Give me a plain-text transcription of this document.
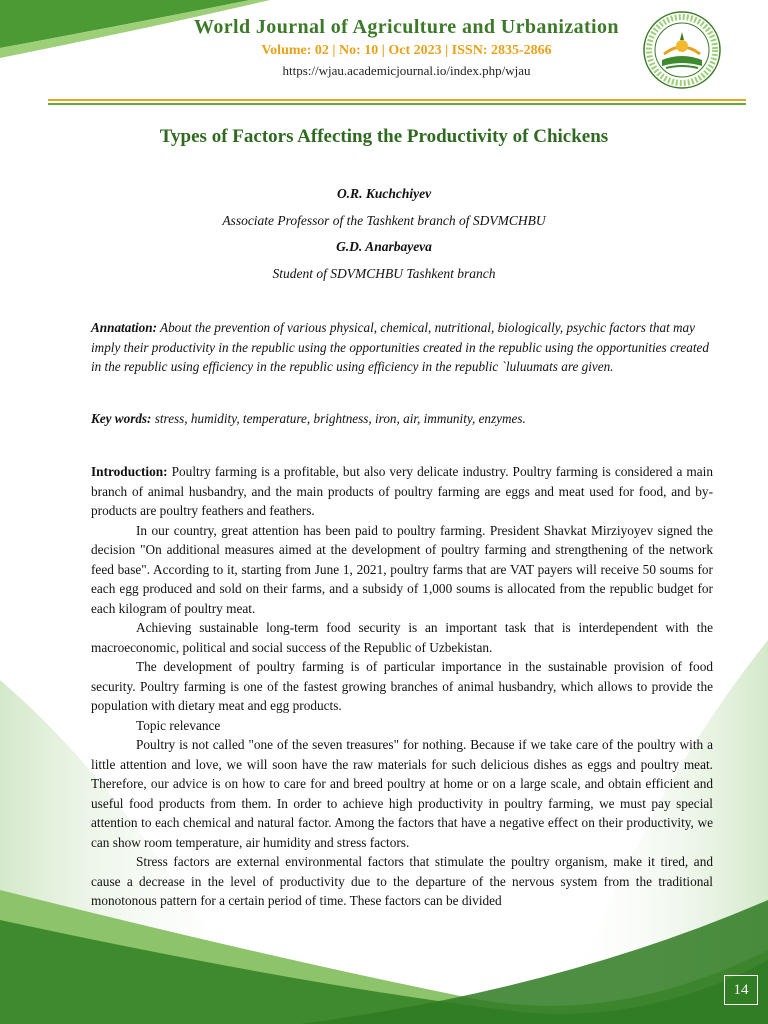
World Journal of Agriculture and Urbanization
Volume: 02 | No: 10 | Oct 2023 | ISSN: 2835-2866
https://wjau.academicjournal.io/index.php/wjau
Types of Factors Affecting the Productivity of Chickens
O.R. Kuchchiyev
Associate Professor of the Tashkent branch of SDVMCHBU
G.D. Anarbayeva
Student of SDVMCHBU Tashkent branch
Annatation: About the prevention of various physical, chemical, nutritional, biologically, psychic factors that may imply their productivity in the republic using the opportunities created in the republic using the opportunities created in the republic using efficiency in the republic using efficiency in the republic `luluumats are given.
Key words: stress, humidity, temperature, brightness, iron, air, immunity, enzymes.

Introduction: Poultry farming is a profitable, but also very delicate industry. Poultry farming is considered a main branch of animal husbandry, and the main products of poultry farming are eggs and meat used for food, and by-products are poultry feathers and feathers.

In our country, great attention has been paid to poultry farming. President Shavkat Mirziyoyev signed the decision "On additional measures aimed at the development of poultry farming and strengthening of the network feed base". According to it, starting from June 1, 2021, poultry farms that are VAT payers will receive 50 soums for each egg produced and sold on their farms, and a subsidy of 1,000 soums is allocated from the republic budget for each kilogram of poultry meat.

Achieving sustainable long-term food security is an important task that is interdependent with the macroeconomic, political and social success of the Republic of Uzbekistan.

The development of poultry farming is of particular importance in the sustainable provision of food security. Poultry farming is one of the fastest growing branches of animal husbandry, which allows to provide the population with dietary meat and egg products.

Topic relevance

Poultry is not called "one of the seven treasures" for nothing. Because if we take care of the poultry with a little attention and love, we will soon have the raw materials for such delicious dishes as eggs and poultry meat. Therefore, our advice is on how to care for and breed poultry at home or on a large scale, and obtain efficient and useful food products from them. In order to achieve high productivity in poultry farming, we must pay special attention to each chemical and natural factor. Among the factors that have a negative effect on their productivity, we can show room temperature, air humidity and stress factors.

Stress factors are external environmental factors that stimulate the poultry organism, make it tired, and cause a decrease in the level of productivity due to the departure of the nervous system from the traditional monotonous pattern for a certain period of time. These factors can be divided

14
